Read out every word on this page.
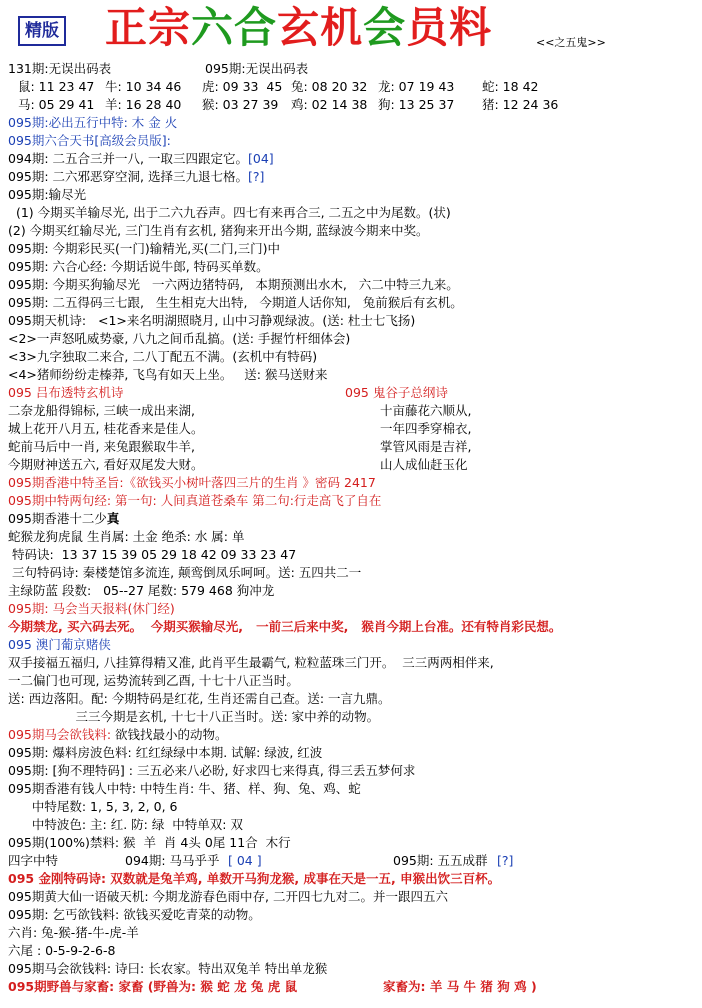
精版 正宗六合玄机会员料	<<之五鬼>>
131期:无误出码表	095期:无误出码表
鼠: 11 23 47 牛: 10 34 46 虎: 09 33  45 兔: 08 20 32 龙: 07 19 43 蛇: 18 42
马: 05 29 41 羊: 16 28 40 猴: 03 27 39 鸡: 02 14 38 狗: 13 25 37 猪: 12 24 36
095期:必出五行中特: 木 金 火
095期六合天书[高级会员版]:
094期: 二五合三并一八, 一取三四跟定它。[04]
095期: 二六邪恶穿空洞, 选择三九退七格。[?]
095期:输尽光
(1) 今期买羊输尽光, 出于二六九吞声。四七有来再合三, 二五之中为尾数。(状)
(2) 今期买红输尽光, 三门生肖有玄机, 猪狗来开出今期, 蓝绿波今期来中奖。
095期: 今期彩民买(一门)输精光,买(二门,三门)中
095期: 六合心经: 今期话说牛郎, 特码买单数。
095期: 今期买狗输尽光   一六两边猪特码,   本期预测出水木,   六二中特三九来。
095期: 二五得码三七跟,   生生相克大出特,   今期道人话你知,   兔前猴后有玄机。
095期天机诗:   <1>来名明湖照晓月, 山中习静观绿波。(送: 杜士七飞扬)
<2>一声怒吼威势豪, 八九之间币乱搞。(送: 手握竹杆细体会)
<3>九字独取二来合, 二八丁配五不满。(玄机中有特码)
<4>猪师纷纷走榛莽, 飞鸟有如天上坐。   送: 猴马送财来
095 吕布透特玄机诗	095 鬼谷子总纲诗
二奈龙船得锦标, 三峡一成出来湖,	十亩藤花六顺从,
城上花开八月五, 桂花香来是佳人。	一年四季穿棉衣,
蛇前马后中一肖, 来兔跟猴取牛羊,	掌管风雨是吉祥,
今期财神送五六, 看好双尾发大财。	山人成仙赶玉化
095期香港中特圣旨:《欲钱买小树叶落四三片的生肖 》密码 2417
095期中特两句经: 第一句: 人间真道苍桑车 第二句:行走高飞了自在
095期香港十二少真
蛇猴龙狗虎鼠 生肖属: 土金 绝杀: 水 属: 单
特码诀:  13 37 15 39 05 29 18 42 09 33 23 47
三句特码诗: 秦楼楚馆多流连, 颠鸾倒凤乐呵呵。送: 五四共二一
主绿防蓝 段数:   05--27 尾数: 579 468 狗冲龙
095期: 马会当天报料(休门经)
今期禁龙, 买六码去死。  今期买猴输尽光,   一前三后来中奖,   猴肖今期上台准。还有特肖彩民想。
095 澳门葡京赌侠
双手接福五福归, 八挂算得精又准, 此肖平生最霸气, 粒粒蓝珠三门开。  三三两两相伴来,
一二偏门也可现, 运势流转到乙酉, 十七十八正当时。
送: 西边落阳。配: 今期特码是红花, 生肖还需自己查。送: 一言九鼎。
三三今期是玄机, 十七十八正当时。送: 家中养的动物。
095期马会欲钱料: 欲钱找最小的动物。
095期: 爆料房波色料: 红红绿绿中本期. 试解: 绿波, 红波
095期: [狗不理特码] : 三五必来八必盼, 好求四七来得真, 得三丢五梦何求
095期香港有钱人中特: 中特生肖: 牛、猪、样、狗、兔、鸡、蛇
中特尾数: 1, 5, 3, 2, 0, 6
中特波色: 主: 红. 防: 绿  中特单双: 双
095期(100%)禁料: 猴  羊  肖 4头 0尾 11合  木行
四字中特	094期: 马马乎乎 [ 04 ]	095期: 五五成群 [?]
095 金刚特码诗: 双数就是兔羊鸡, 单数开马狗龙猴, 成事在天是一五, 申猴出饮三百杯。
095期黄大仙一语破天机: 今期龙游春色雨中存, 二开四七九对二。并一跟四五六
095期: 乞丐欲钱料: 欲钱买爱吃青菜的动物。
六肖: 兔-猴-猪-牛-虎-羊
六尾 : 0-5-9-2-6-8
095期马会欲钱料: 诗曰: 长农家。特出双兔羊 特出单龙猴
095期野兽与家畜: 家畜 (野兽为: 猴 蛇 龙 兔 虎 鼠	家畜为: 羊 马 牛 猪 狗 鸡 )
